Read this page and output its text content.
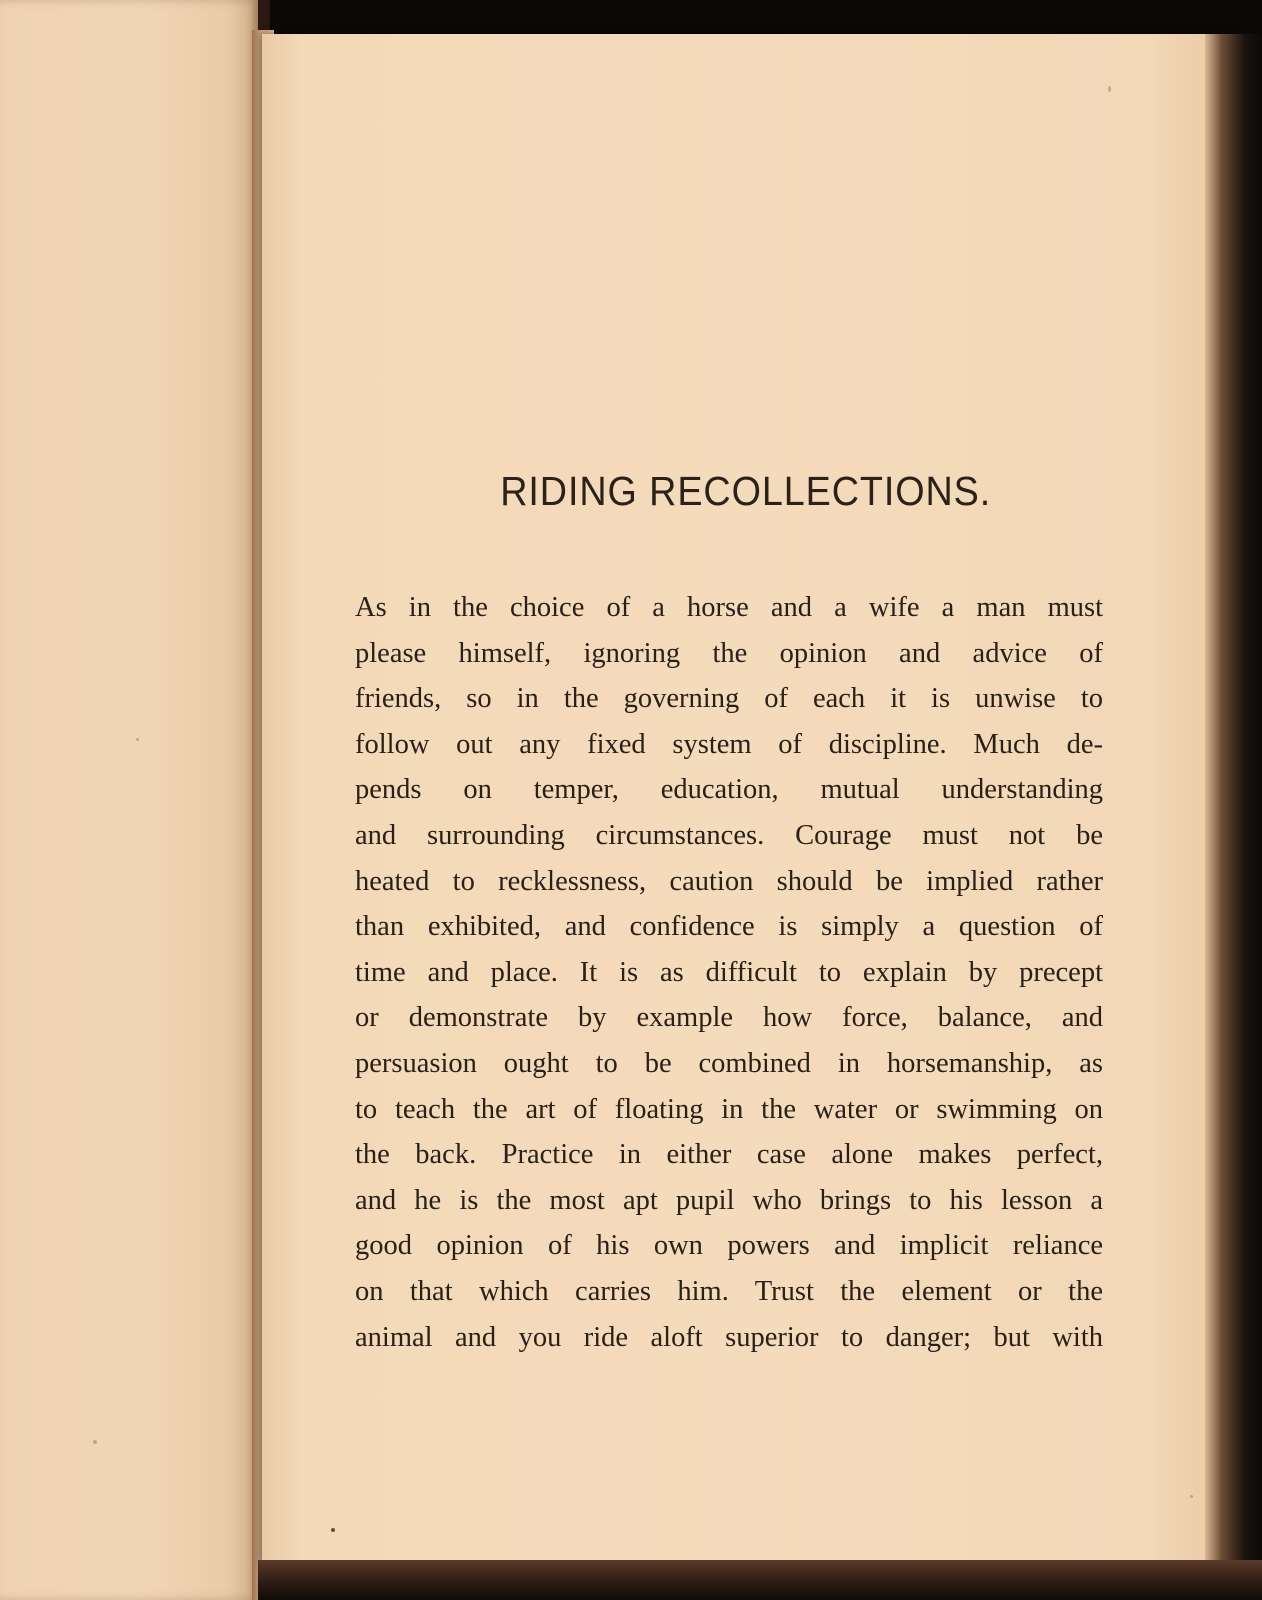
RIDING RECOLLECTIONS.
As in the choice of a horse and a wife a man must
please himself, ignoring the opinion and advice of
friends, so in the governing of each it is unwise to
follow out any fixed system of discipline. Much de-
pends on temper, education, mutual understanding
and surrounding circumstances. Courage must not be
heated to recklessness, caution should be implied rather
than exhibited, and confidence is simply a question of
time and place. It is as difficult to explain by precept
or demonstrate by example how force, balance, and
persuasion ought to be combined in horsemanship, as
to teach the art of floating in the water or swimming on
the back. Practice in either case alone makes perfect,
and he is the most apt pupil who brings to his lesson a
good opinion of his own powers and implicit reliance
on that which carries him. Trust the element or the
animal and you ride aloft superior to danger; but with
